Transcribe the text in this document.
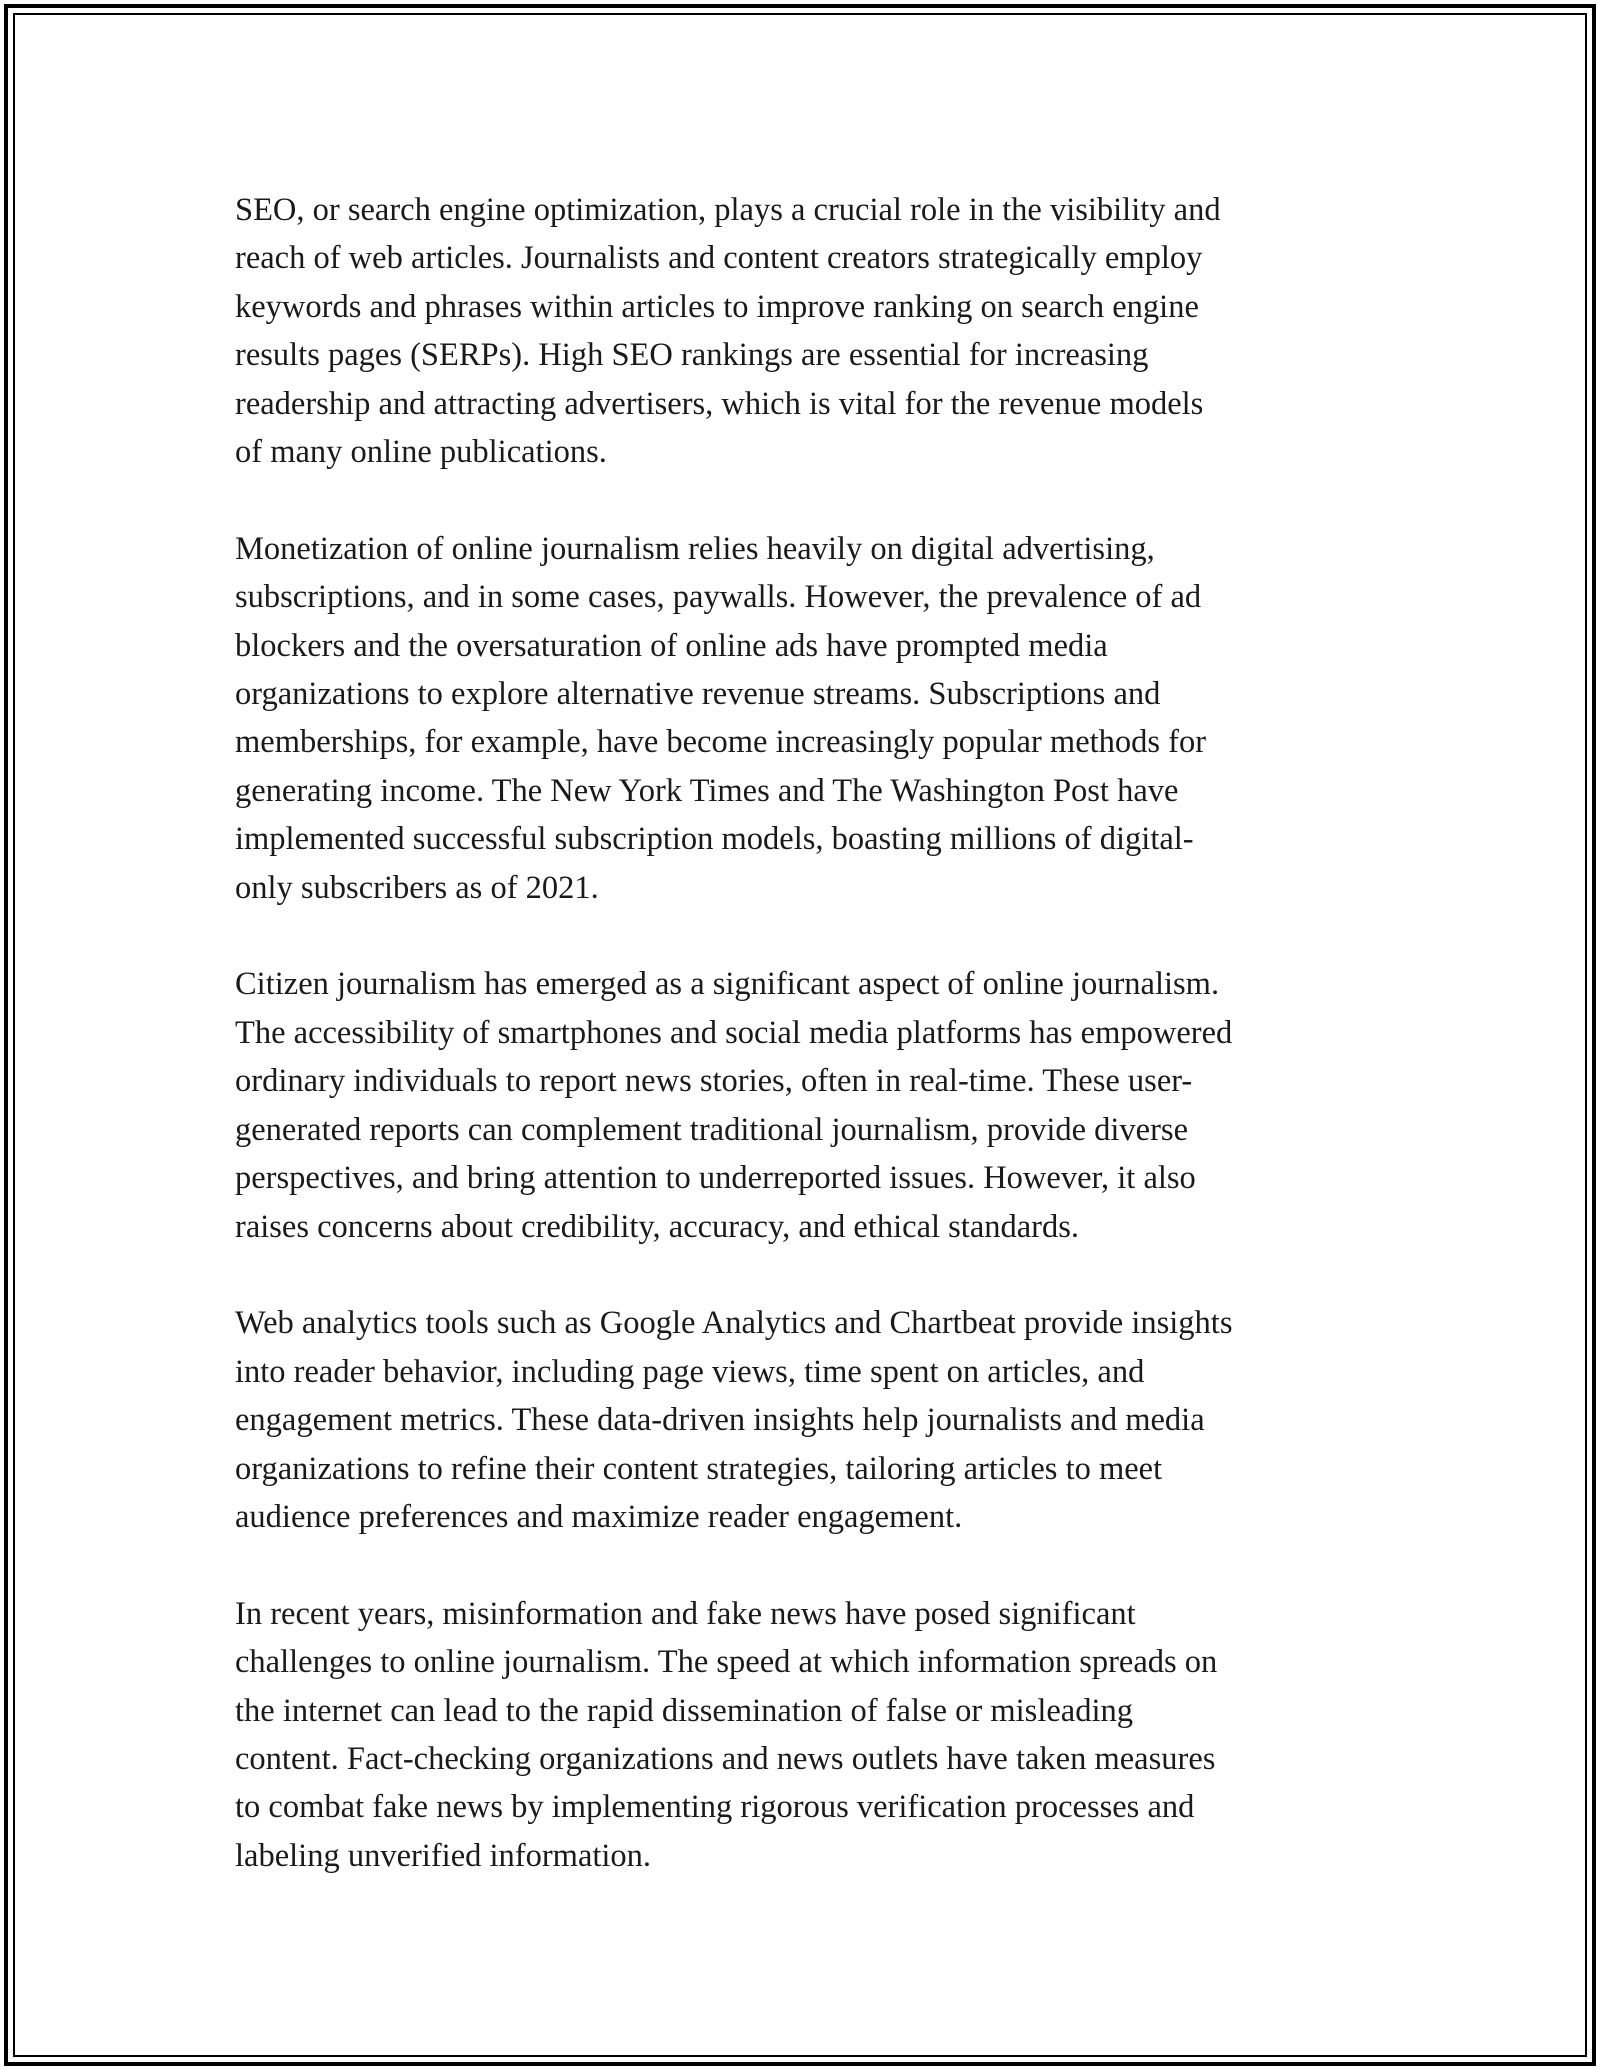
SEO, or search engine optimization, plays a crucial role in the visibility and
reach of web articles. Journalists and content creators strategically employ
keywords and phrases within articles to improve ranking on search engine
results pages (SERPs). High SEO rankings are essential for increasing
readership and attracting advertisers, which is vital for the revenue models
of many online publications.

Monetization of online journalism relies heavily on digital advertising,
subscriptions, and in some cases, paywalls. However, the prevalence of ad
blockers and the oversaturation of online ads have prompted media
organizations to explore alternative revenue streams. Subscriptions and
memberships, for example, have become increasingly popular methods for
generating income. The New York Times and The Washington Post have
implemented successful subscription models, boasting millions of digital-
only subscribers as of 2021.

Citizen journalism has emerged as a significant aspect of online journalism.
The accessibility of smartphones and social media platforms has empowered
ordinary individuals to report news stories, often in real-time. These user-
generated reports can complement traditional journalism, provide diverse
perspectives, and bring attention to underreported issues. However, it also
raises concerns about credibility, accuracy, and ethical standards.

Web analytics tools such as Google Analytics and Chartbeat provide insights
into reader behavior, including page views, time spent on articles, and
engagement metrics. These data-driven insights help journalists and media
organizations to refine their content strategies, tailoring articles to meet
audience preferences and maximize reader engagement.

In recent years, misinformation and fake news have posed significant
challenges to online journalism. The speed at which information spreads on
the internet can lead to the rapid dissemination of false or misleading
content. Fact-checking organizations and news outlets have taken measures
to combat fake news by implementing rigorous verification processes and
labeling unverified information.
